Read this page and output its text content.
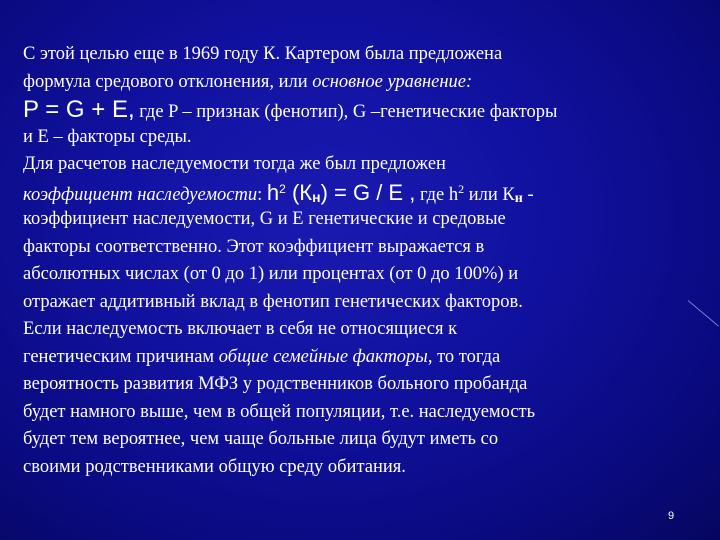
С этой целью еще в 1969 году К. Картером была предложена
формула средового отклонения, или основное уравнение:
P = G + E, где P – признак (фенотип), G –генетические факторы
и E – факторы среды.
Для расчетов наследуемости тогда же был предложен
коэффициент наследуемости: $h^2$ $(К_н) = G / E$ , где $h^2$ или $К_н$ -
коэффициент наследуемости, G и E генетические и средовые
факторы соответственно. Этот коэффициент выражается в
абсолютных числах (от 0 до 1) или процентах (от 0 до 100%) и
отражает аддитивный вклад в фенотип генетических факторов.
Если наследуемость включает в себя не относящиеся к
генетическим причинам общие семейные факторы, то тогда
вероятность развития МФЗ у родственников больного пробанда
будет намного выше, чем в общей популяции, т.е. наследуемость
будет тем вероятнее, чем чаще больные лица будут иметь со
своими родственниками общую среду обитания.
9
